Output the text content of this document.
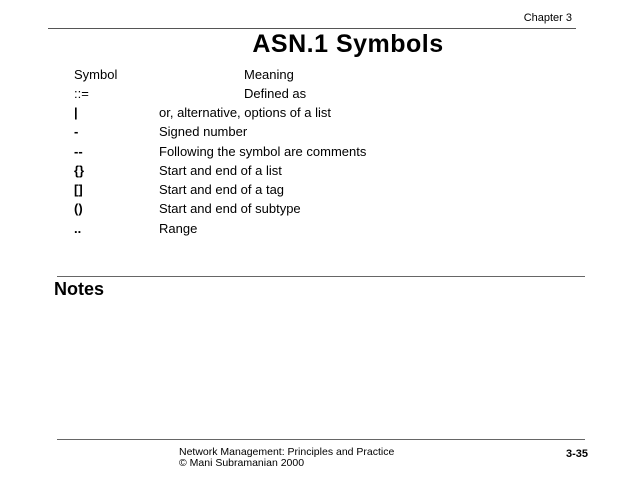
Chapter 3
ASN.1 Symbols
Symbol	Meaning
::=	Defined as
|	or, alternative, options of a list
-	Signed number
--	Following the symbol are comments
{}	Start and end of a list
[]	Start and end of a tag
()	Start and end of subtype
..	Range
Notes
Network Management: Principles and Practice
© Mani Subramanian 2000
3-35
